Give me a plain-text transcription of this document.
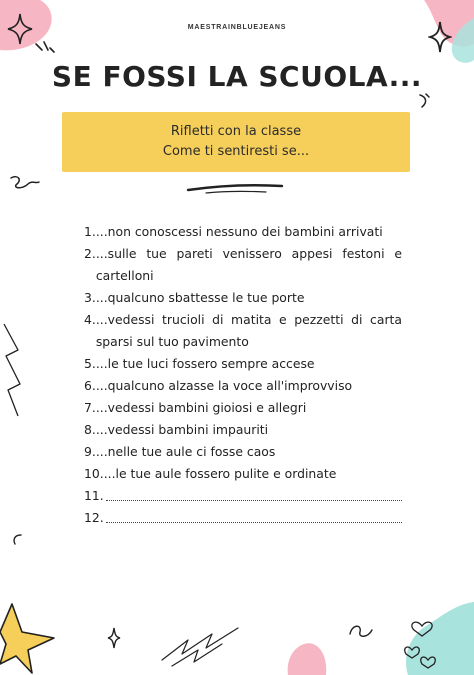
MAESTRAINBLUEJEANS
SE FOSSI LA SCUOLA...
Rifletti con la classe
Come ti sentiresti se...
1. ...non conoscessi nessuno dei bambini arrivati
2. ...sulle tue pareti venissero appesi festoni e cartelloni
3. ...qualcuno sbattesse le tue porte
4. ...vedessi trucioli di matita e pezzetti di carta sparsi sul tuo pavimento
5. ...le tue luci fossero sempre accese
6. ...qualcuno alzasse la voce all'improvviso
7. ...vedessi bambini gioiosi e allegri
8. ...vedessi bambini impauriti
9. ...nelle tue aule ci fosse caos
10. ...le tue aule fossero pulite e ordinate
11.
12.
